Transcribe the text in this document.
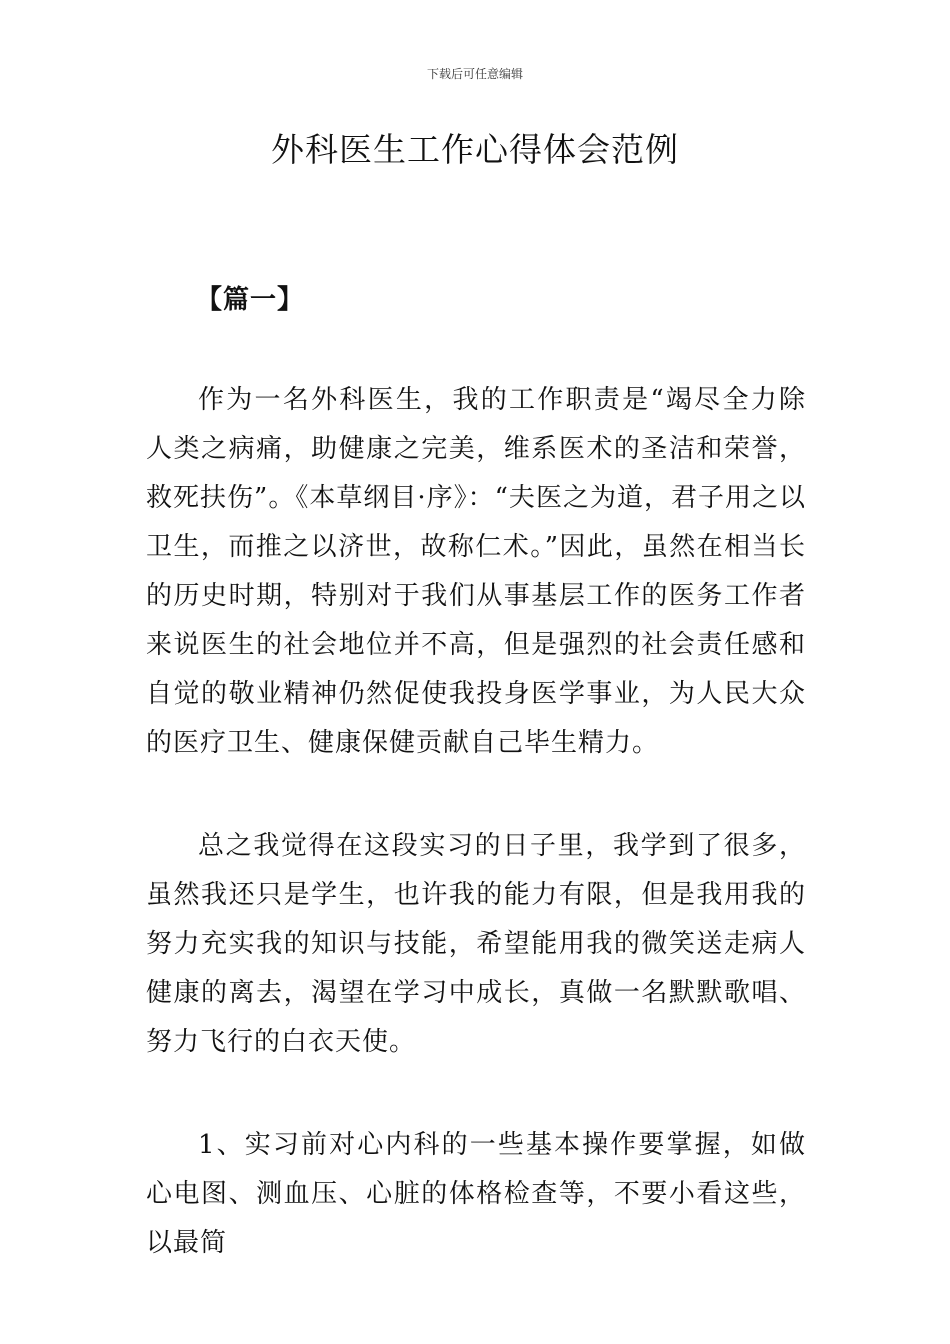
下载后可任意编辑
外科医生工作心得体会范例
【篇一】

作为一名外科医生，我的工作职责是“竭尽全力除人类之病痛，助健康之完美，维系医术的圣洁和荣誉，救死扶伤”。《本草纲目·序》：“夫医之为道，君子用之以卫生，而推之以济世，故称仁术。”因此，虽然在相当长的历史时期，特别对于我们从事基层工作的医务工作者来说医生的社会地位并不高，但是强烈的社会责任感和自觉的敬业精神仍然促使我投身医学事业，为人民大众的医疗卫生、健康保健贡献自己毕生精力。

总之我觉得在这段实习的日子里，我学到了很多，虽然我还只是学生，也许我的能力有限，但是我用我的努力充实我的知识与技能，希望能用我的微笑送走病人健康的离去，渴望在学习中成长，真做一名默默歌唱、努力飞行的白衣天使。

1、实习前对心内科的一些基本操作要掌握，如做心电图、测血压、心脏的体格检查等，不要小看这些，以最简
